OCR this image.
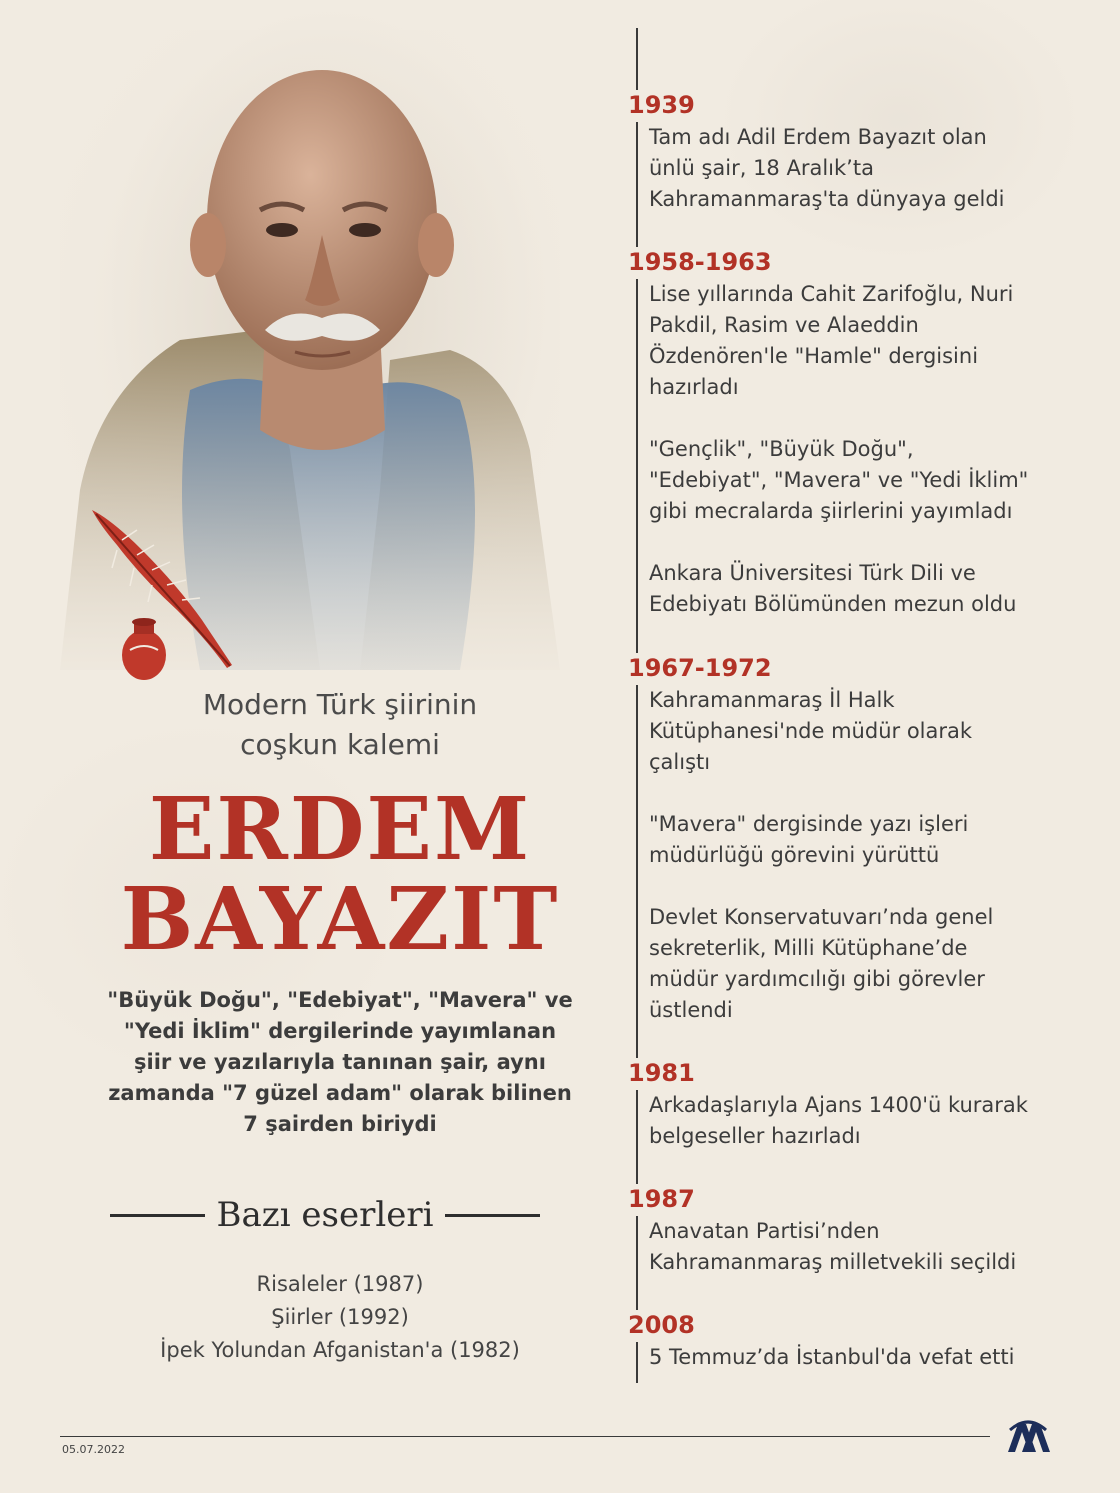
Modern Türk şiirinin
coşkun kalemi
ERDEM
BAYAZIT
"Büyük Doğu", "Edebiyat", "Mavera" ve
"Yedi İklim" dergilerinde yayımlanan
şiir ve yazılarıyla tanınan şair, aynı
zamanda "7 güzel adam" olarak bilinen
7 şairden biriydi
Bazı eserleri
Risaleler (1987)
Şiirler (1992)
İpek Yolundan Afganistan'a (1982)
1939
Tam adı Adil Erdem Bayazıt olan
ünlü şair, 18 Aralık’ta
Kahramanmaraş'ta dünyaya geldi
1958-1963
Lise yıllarında Cahit Zarifoğlu, Nuri
Pakdil, Rasim ve Alaeddin
Özdenören'le "Hamle" dergisini
hazırladı
"Gençlik", "Büyük Doğu",
"Edebiyat", "Mavera" ve "Yedi İklim"
gibi mecralarda şiirlerini yayımladı
Ankara Üniversitesi Türk Dili ve
Edebiyatı Bölümünden mezun oldu
1967-1972
Kahramanmaraş İl Halk
Kütüphanesi'nde müdür olarak
çalıştı
"Mavera" dergisinde yazı işleri
müdürlüğü görevini yürüttü
Devlet Konservatuvarı’nda genel
sekreterlik, Milli Kütüphane’de
müdür yardımcılığı gibi görevler
üstlendi
1981
Arkadaşlarıyla Ajans 1400'ü kurarak
belgeseller hazırladı
1987
Anavatan Partisi’nden
Kahramanmaraş milletvekili seçildi
2008
5 Temmuz’da İstanbul'da vefat etti
05.07.2022
